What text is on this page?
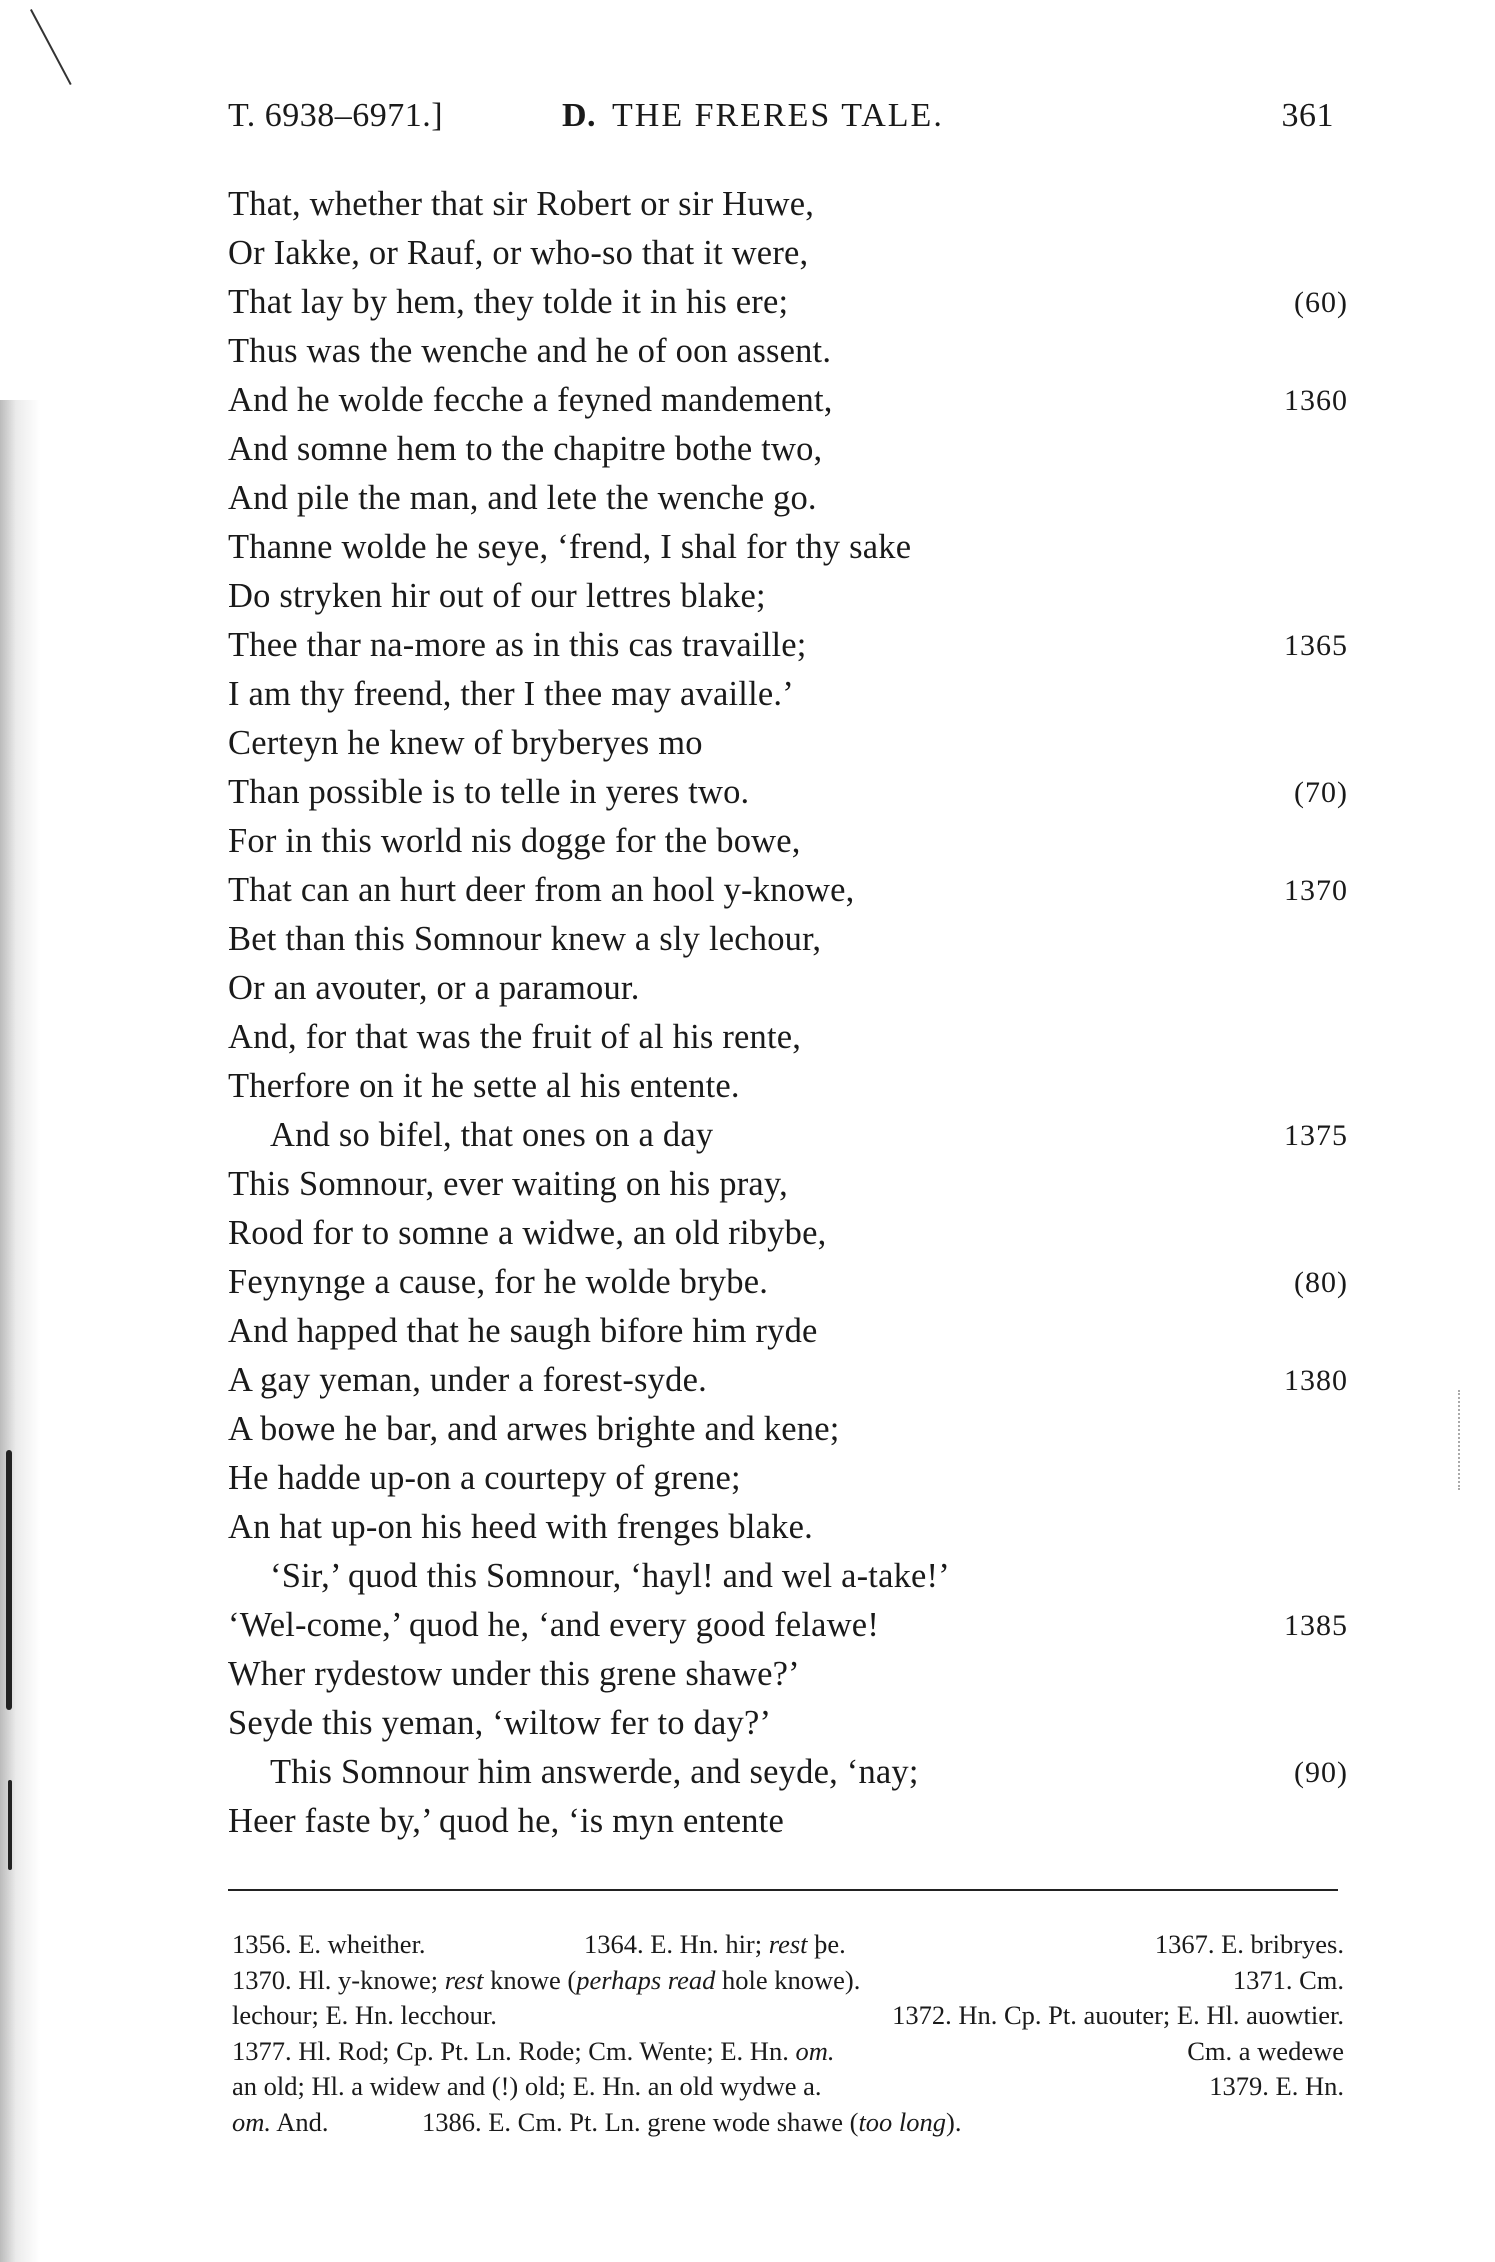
T. 6938–6971.]	D. THE FRERES TALE.	361
That, whether that sir Robert or sir Huwe,
Or Iakke, or Rauf, or who-so that it were,
That lay by hem, they tolde it in his ere;	(60)
Thus was the wenche and he of oon assent.
And he wolde fecche a feyned mandement,	1360
And somne hem to the chapitre bothe two,
And pile the man, and lete the wenche go.
Thanne wolde he seye, ‘frend, I shal for thy sake
Do stryken hir out of our lettres blake;
Thee thar na-more as in this cas travaille;	1365
I am thy freend, ther I thee may availle.’
Certeyn he knew of bryberyes mo
Than possible is to telle in yeres two.	(70)
For in this world nis dogge for the bowe,
That can an hurt deer from an hool y-knowe,	1370
Bet than this Somnour knew a sly lechour,
Or an avouter, or a paramour.
And, for that was the fruit of al his rente,
Therfore on it he sette al his entente.
And so bifel, that ones on a day	1375
This Somnour, ever waiting on his pray,
Rood for to somne a widwe, an old ribybe,
Feynynge a cause, for he wolde brybe.	(80)
And happed that he saugh bifore him ryde
A gay yeman, under a forest-syde.	1380
A bowe he bar, and arwes brighte and kene;
He hadde up-on a courtepy of grene;
An hat up-on his heed with frenges blake.
‘Sir,’ quod this Somnour, ‘hayl! and wel a-take!’
‘Wel-come,’ quod he, ‘and every good felawe!	1385
Wher rydestow under this grene shawe?’
Seyde this yeman, ‘wiltow fer to day?’
This Somnour him answerde, and seyde, ‘nay;	(90)
Heer faste by,’ quod he, ‘is myn entente
1356. E. wheither.	1364. E. Hn. hir; rest þe.	1367. E. bribryes.
1370. Hl. y-knowe; rest knowe (perhaps read hole knowe).	1371. Cm.
lechour; E. Hn. lecchour.	1372. Hn. Cp. Pt. auouter; E. Hl. auowtier.
1377. Hl. Rod; Cp. Pt. Ln. Rode; Cm. Wente; E. Hn. om.	Cm. a wedewe
an old; Hl. a widew and (!) old; E. Hn. an old wydwe a.	1379. E. Hn.
om. And.	1386. E. Cm. Pt. Ln. grene wode shawe (too long).
